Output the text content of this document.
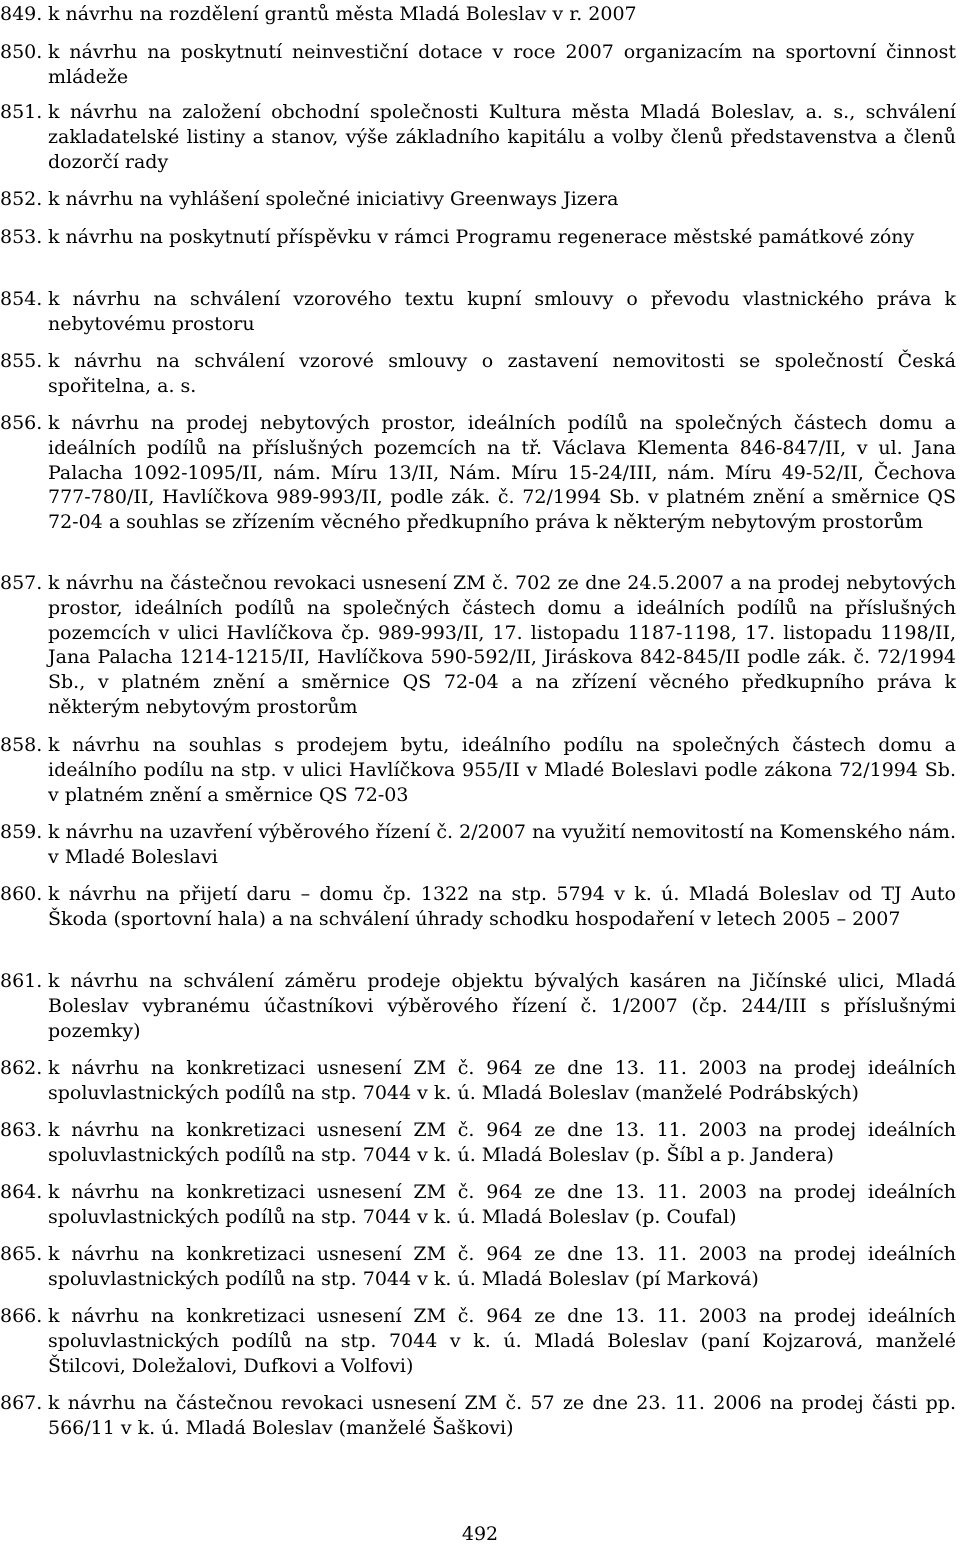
849. k návrhu na rozdělení grantů města Mladá Boleslav v r. 2007
850. k návrhu na poskytnutí neinvestiční dotace v roce 2007 organizacím na sportovní činnost mládeže
851. k návrhu na založení obchodní společnosti Kultura města Mladá Boleslav, a. s., schválení zakladatelské listiny a stanov, výše základního kapitálu a volby členů představenstva a členů dozorčí rady
852. k návrhu na vyhlášení společné iniciativy Greenways Jizera
853. k návrhu na poskytnutí příspěvku v rámci Programu regenerace městské památkové zóny
854. k návrhu na schválení vzorového textu kupní smlouvy o převodu vlastnického práva k nebytovému prostoru
855. k návrhu na schválení vzorové smlouvy o zastavení nemovitosti se společností Česká spořitelna, a. s.
856. k návrhu na prodej nebytových prostor, ideálních podílů na společných částech domu a ideálních podílů na příslušných pozemcích na tř. Václava Klementa 846-847/II, v ul. Jana Palacha 1092-1095/II, nám. Míru 13/II, Nám. Míru 15-24/III, nám. Míru 49-52/II, Čechova 777-780/II, Havlíčkova 989-993/II, podle zák. č. 72/1994 Sb. v platném znění a směrnice QS 72-04 a souhlas se zřízením věcného předkupního práva k některým nebytovým prostorům
857. k návrhu na částečnou revokaci usnesení ZM č. 702 ze dne 24.5.2007 a na prodej nebytových prostor, ideálních podílů na společných částech domu a ideálních podílů na příslušných pozemcích v ulici Havlíčkova čp. 989-993/II, 17. listopadu 1187-1198, 17. listopadu 1198/II, Jana Palacha 1214-1215/II, Havlíčkova 590-592/II, Jiráskova 842-845/II podle zák. č. 72/1994 Sb., v platném znění a směrnice QS 72-04 a na zřízení věcného předkupního práva k některým nebytovým prostorům
858. k návrhu na souhlas s prodejem bytu, ideálního podílu na společných částech domu a ideálního podílu na stp. v ulici Havlíčkova 955/II v Mladé Boleslavi podle zákona 72/1994 Sb. v platném znění a směrnice QS 72-03
859. k návrhu na uzavření výběrového řízení č. 2/2007 na využití nemovitostí na Komenského nám. v Mladé Boleslavi
860. k návrhu na přijetí daru – domu čp. 1322 na stp. 5794 v k. ú. Mladá Boleslav od TJ Auto Škoda (sportovní hala) a na schválení úhrady schodku hospodaření v letech 2005 – 2007
861. k návrhu na schválení záměru prodeje objektu bývalých kasáren na Jičínské ulici, Mladá Boleslav vybranému účastníkovi výběrového řízení č. 1/2007 (čp. 244/III s příslušnými pozemky)
862. k návrhu na konkretizaci usnesení ZM č. 964 ze dne 13. 11. 2003 na prodej ideálních spoluvlastnických podílů na stp. 7044 v k. ú. Mladá Boleslav (manželé Podrábských)
863. k návrhu na konkretizaci usnesení ZM č. 964 ze dne 13. 11. 2003 na prodej ideálních spoluvlastnických podílů na stp. 7044 v k. ú. Mladá Boleslav (p. Šíbl a p. Jandera)
864. k návrhu na konkretizaci usnesení ZM č. 964 ze dne 13. 11. 2003 na prodej ideálních spoluvlastnických podílů na stp. 7044 v k. ú. Mladá Boleslav (p. Coufal)
865. k návrhu na konkretizaci usnesení ZM č. 964 ze dne 13. 11. 2003 na prodej ideálních spoluvlastnických podílů na stp. 7044 v k. ú. Mladá Boleslav (pí Marková)
866. k návrhu na konkretizaci usnesení ZM č. 964 ze dne 13. 11. 2003 na prodej ideálních spoluvlastnických podílů na stp. 7044 v k. ú. Mladá Boleslav (paní Kojzarová, manželé Štilcovi, Doležalovi, Dufkovi a Volfovi)
867. k návrhu na částečnou revokaci usnesení ZM č. 57 ze dne 23. 11. 2006 na prodej části pp. 566/11 v k. ú. Mladá Boleslav (manželé Šaškovi)
492
